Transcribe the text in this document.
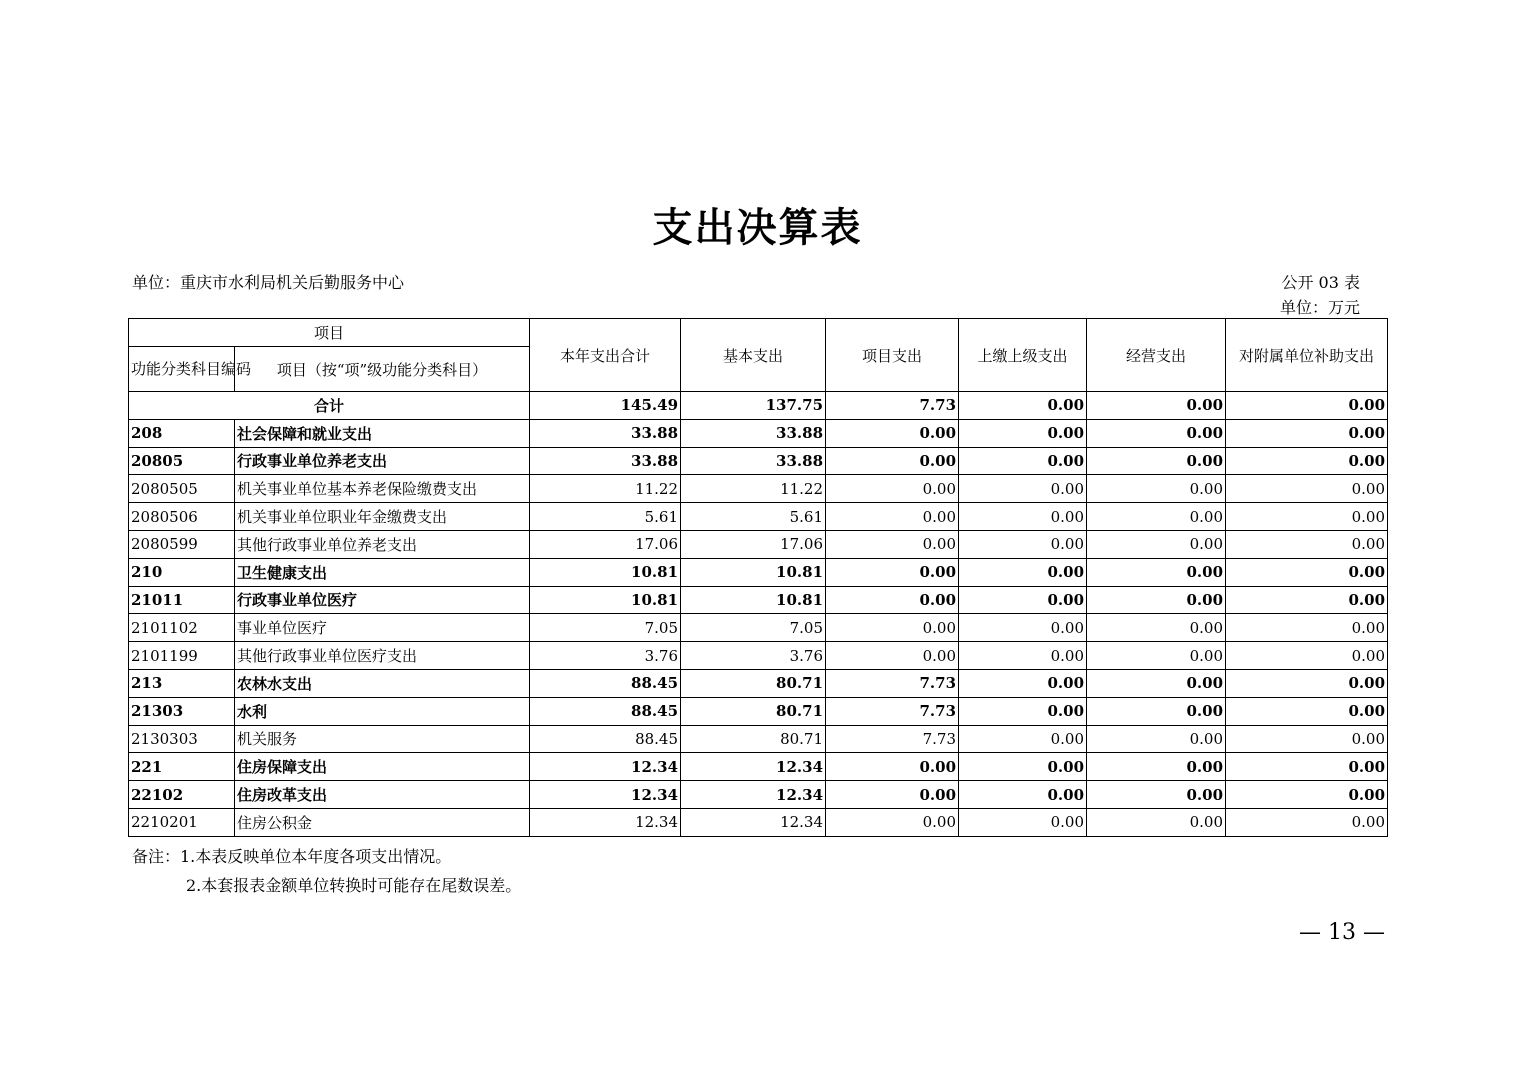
支出决算表
单位：重庆市水利局机关后勤服务中心	公开 03 表
单位：万元
项目		本年支出合计	基本支出	项目支出	上缴上级支出	经营支出	对附属单位补助支出
功能分类科目编码	项目（按“项”级功能分类科目）						
合计		145.49	137.75	7.73	0.00	0.00	0.00
208	社会保障和就业支出	33.88	33.88	0.00	0.00	0.00	0.00
20805	行政事业单位养老支出	33.88	33.88	0.00	0.00	0.00	0.00
2080505	机关事业单位基本养老保险缴费支出	11.22	11.22	0.00	0.00	0.00	0.00
2080506	机关事业单位职业年金缴费支出	5.61	5.61	0.00	0.00	0.00	0.00
2080599	其他行政事业单位养老支出	17.06	17.06	0.00	0.00	0.00	0.00
210	卫生健康支出	10.81	10.81	0.00	0.00	0.00	0.00
21011	行政事业单位医疗	10.81	10.81	0.00	0.00	0.00	0.00
2101102	事业单位医疗	7.05	7.05	0.00	0.00	0.00	0.00
2101199	其他行政事业单位医疗支出	3.76	3.76	0.00	0.00	0.00	0.00
213	农林水支出	88.45	80.71	7.73	0.00	0.00	0.00
21303	水利	88.45	80.71	7.73	0.00	0.00	0.00
2130303	机关服务	88.45	80.71	7.73	0.00	0.00	0.00
221	住房保障支出	12.34	12.34	0.00	0.00	0.00	0.00
22102	住房改革支出	12.34	12.34	0.00	0.00	0.00	0.00
2210201	住房公积金	12.34	12.34	0.00	0.00	0.00	0.00
备注：1.本表反映单位本年度各项支出情况。
2.本套报表金额单位转换时可能存在尾数误差。
— 13 —
